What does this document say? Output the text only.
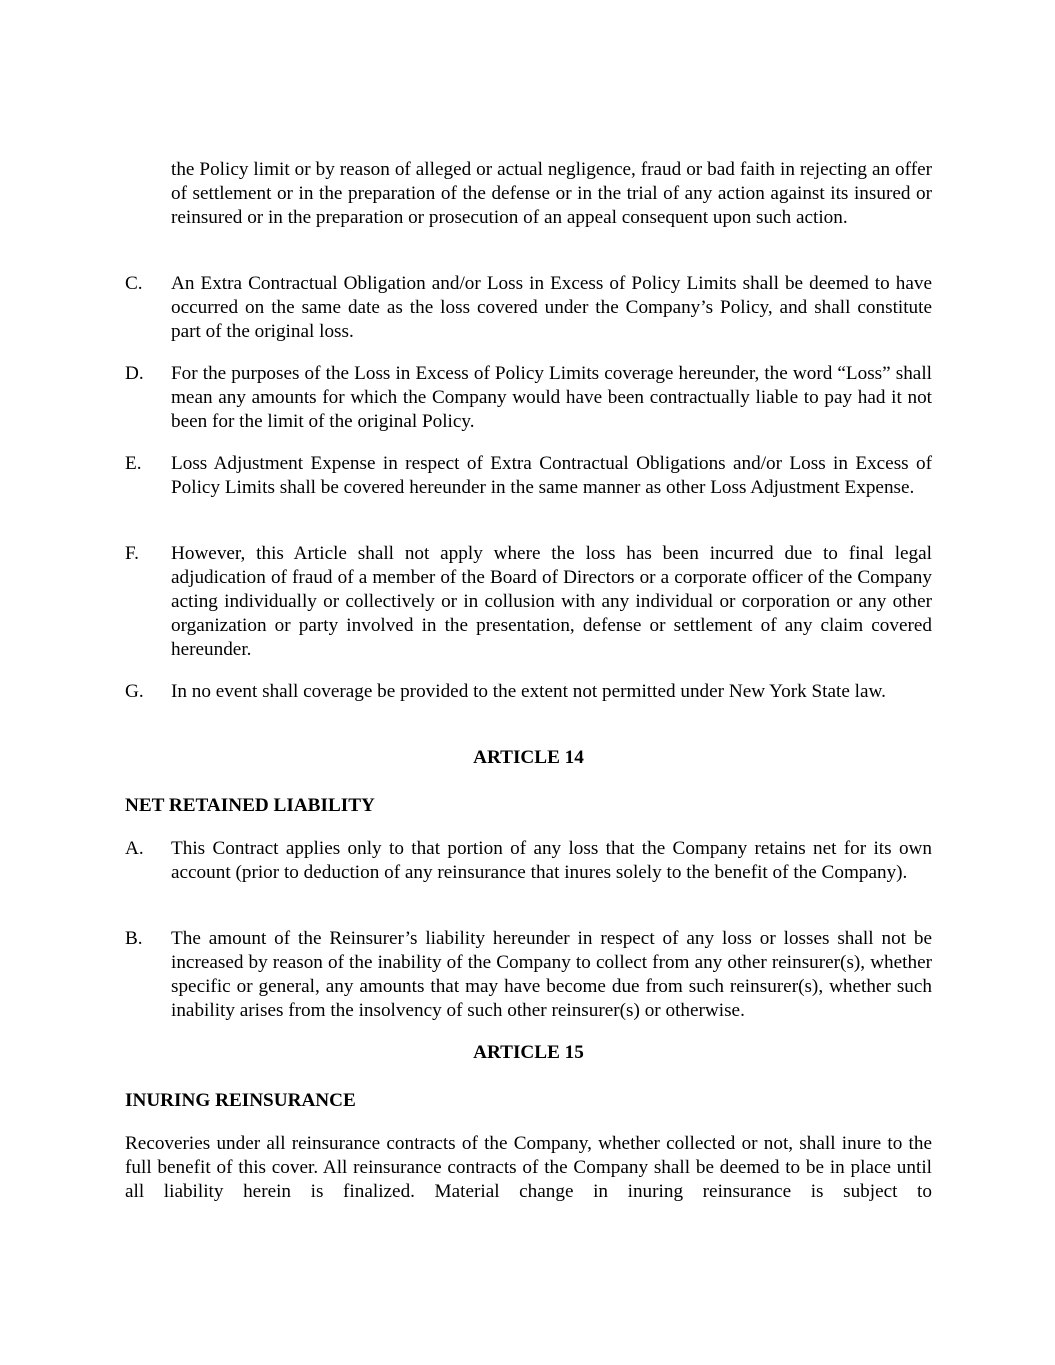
the Policy limit or by reason of alleged or actual negligence, fraud or bad faith in rejecting an offer of settlement or in the preparation of the defense or in the trial of any action against its insured or reinsured or in the preparation or prosecution of an appeal consequent upon such action.
C.	An Extra Contractual Obligation and/or Loss in Excess of Policy Limits shall be deemed to have occurred on the same date as the loss covered under the Company’s Policy, and shall constitute part of the original loss.
D.	For the purposes of the Loss in Excess of Policy Limits coverage hereunder, the word “Loss” shall mean any amounts for which the Company would have been contractually liable to pay had it not been for the limit of the original Policy.
E.	Loss Adjustment Expense in respect of Extra Contractual Obligations and/or Loss in Excess of Policy Limits shall be covered hereunder in the same manner as other Loss Adjustment Expense.
F.	However, this Article shall not apply where the loss has been incurred due to final legal adjudication of fraud of a member of the Board of Directors or a corporate officer of the Company acting individually or collectively or in collusion with any individual or corporation or any other organization or party involved in the presentation, defense or settlement of any claim covered hereunder.
G.	In no event shall coverage be provided to the extent not permitted under New York State law.
ARTICLE 14
NET RETAINED LIABILITY
A.	This Contract applies only to that portion of any loss that the Company retains net for its own account (prior to deduction of any reinsurance that inures solely to the benefit of the Company).
B.	The amount of the Reinsurer’s liability hereunder in respect of any loss or losses shall not be increased by reason of the inability of the Company to collect from any other reinsurer(s), whether specific or general, any amounts that may have become due from such reinsurer(s), whether such inability arises from the insolvency of such other reinsurer(s) or otherwise.
ARTICLE 15
INURING REINSURANCE
Recoveries under all reinsurance contracts of the Company, whether collected or not, shall inure to the full benefit of this cover. All reinsurance contracts of the Company shall be deemed to be in place until all liability herein is finalized. Material change in inuring reinsurance is subject to
